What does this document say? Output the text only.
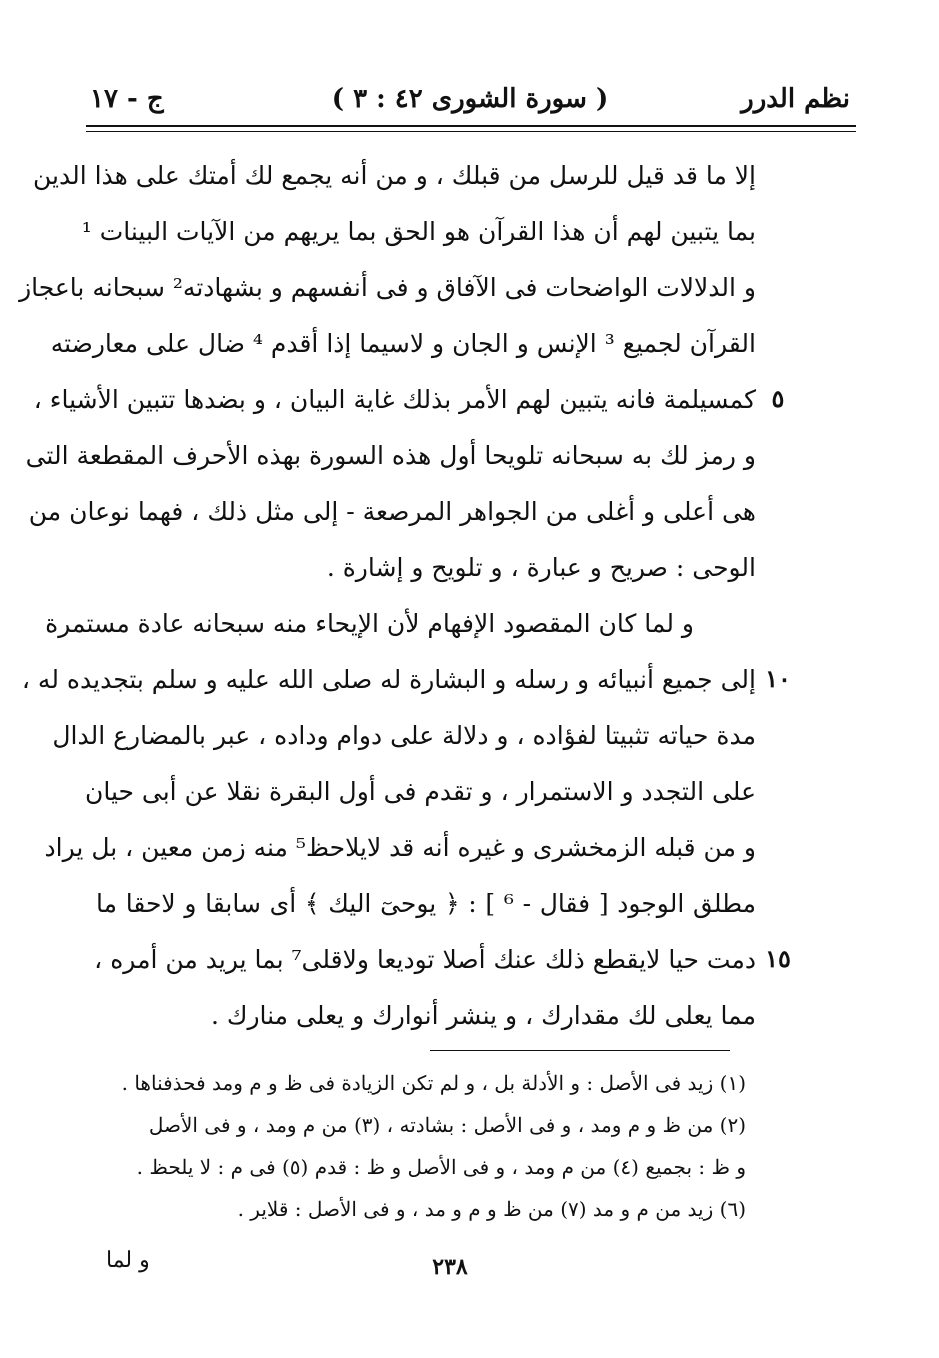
ج - ١٧	( سورة الشورى ٤٢ : ٣ )	نظم الدرر
٥
١٠
١٥
إلا ما قد قيل للرسل من قبلك ، و من أنه يجمع لك أمتك على هذا الدين
بما يتبين لهم أن هذا القرآن هو الحق بما يريهم من الآيات البينات ¹
و الدلالات الواضحات فى الآفاق و فى أنفسهم و بشهادته² سبحانه باعجاز
القرآن لجميع ³ الإنس و الجان و لاسيما إذا أقدم ⁴ ضال على معارضته
كمسيلمة فانه يتبين لهم الأمر بذلك غاية البيان ، و بضدها تتبين الأشياء ،
و رمز لك به سبحانه تلويحا أول هذه السورة بهذه الأحرف المقطعة التى
هى أعلى و أغلى من الجواهر المرصعة - إلى مثل ذلك ، فهما نوعان من
الوحى : صريح و عبارة ، و تلويح و إشارة .
و لما كان المقصود الإفهام لأن الإيحاء منه سبحانه عادة مستمرة
إلى جميع أنبيائه و رسله و البشارة له صلى الله عليه و سلم بتجديده له ،
مدة حياته تثبيتا لفؤاده ، و دلالة على دوام وداده ، عبر بالمضارع الدال
على التجدد و الاستمرار ، و تقدم فى أول البقرة نقلا عن أبى حيان
و من قبله الزمخشرى و غيره أنه قد لايلاحظ⁵ منه زمن معين ، بل يراد
مطلق الوجود [ فقال - ⁶ ] : ﴿ يوحىٓ اليك ﴾ أى سابقا و لاحقا ما
دمت حيا لايقطع ذلك عنك أصلا توديعا ولاقلى⁷ بما يريد من أمره ،
مما يعلى لك مقدارك ، و ينشر أنوارك و يعلى منارك .
(١) زيد فى الأصل : و الأدلة بل ، و لم تكن الزيادة فى ظ و م ومد فحذفناها .
(٢) من ظ و م ومد ، و فى الأصل : بشادته ، (٣) من م ومد ، و فى الأصل
و ظ : بجميع (٤) من م ومد ، و فى الأصل و ظ : قدم (٥) فى م : لا يلحظ .
(٦) زيد من م و مد (٧) من ظ و م و مد ، و فى الأصل : قلاير .
و لما	٢٣٨
